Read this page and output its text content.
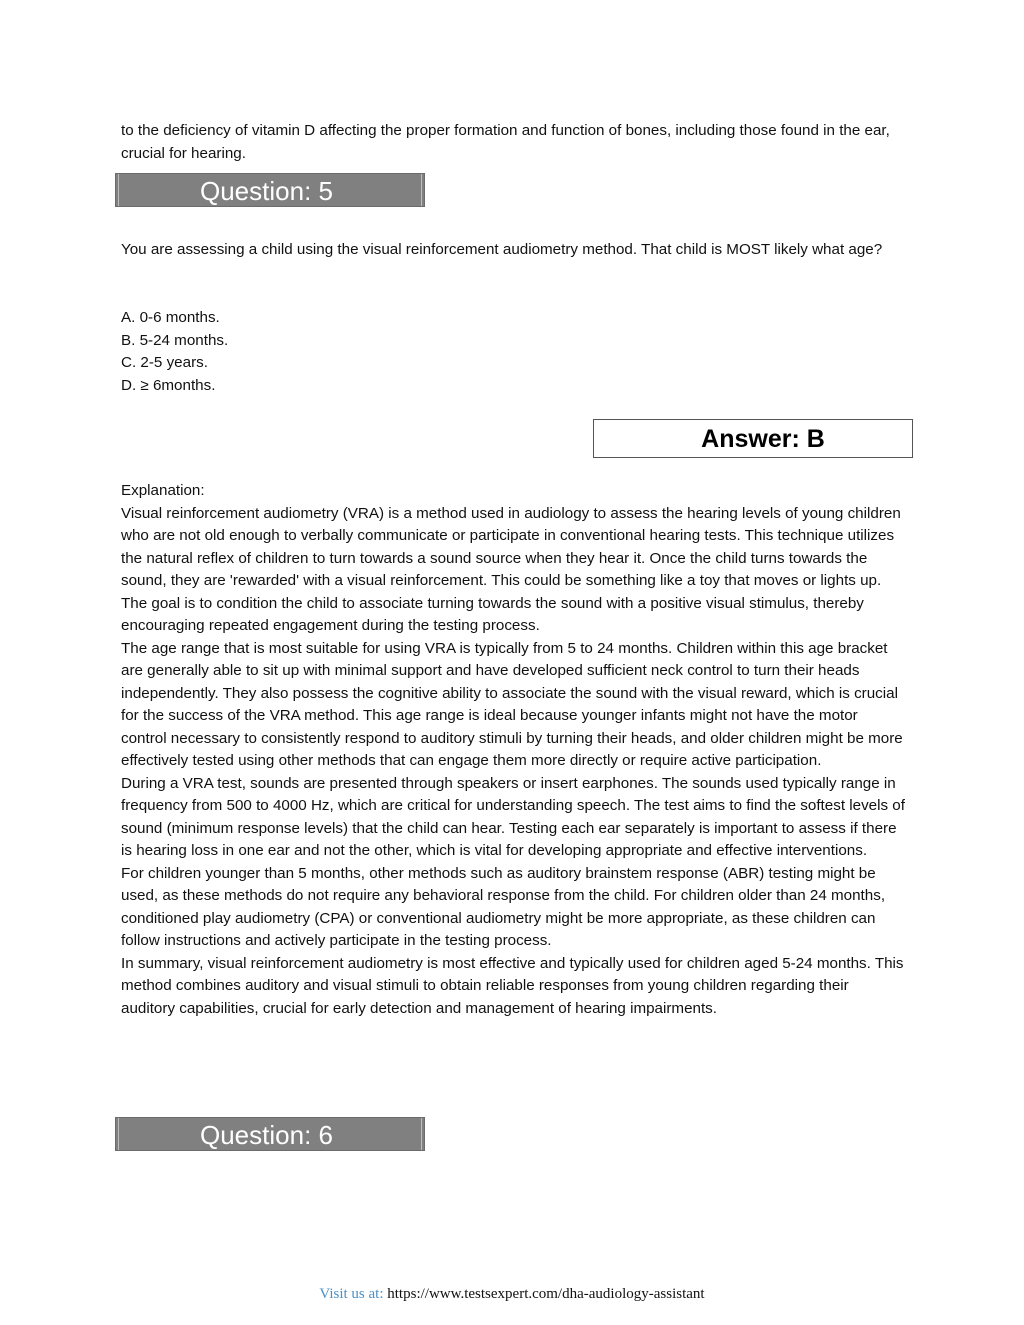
to the deficiency of vitamin D affecting the proper formation and function of bones, including those found in the ear, crucial for hearing.

Question: 5

You are assessing a child using the visual reinforcement audiometry method. That child is MOST likely what age?

A. 0-6 months.

B. 5-24 months.

C. 2-5 years.

D. ≥ 6months.

Answer: B

Explanation:

Visual reinforcement audiometry (VRA) is a method used in audiology to assess the hearing levels of young children who are not old enough to verbally communicate or participate in conventional hearing tests. This technique utilizes the natural reflex of children to turn towards a sound source when they hear it. Once the child turns towards the sound, they are 'rewarded' with a visual reinforcement. This could be something like a toy that moves or lights up. The goal is to condition the child to associate turning towards the sound with a positive visual stimulus, thereby encouraging repeated engagement during the testing process.

The age range that is most suitable for using VRA is typically from 5 to 24 months. Children within this age bracket are generally able to sit up with minimal support and have developed sufficient neck control to turn their heads independently. They also possess the cognitive ability to associate the sound with the visual reward, which is crucial for the success of the VRA method. This age range is ideal because younger infants might not have the motor control necessary to consistently respond to auditory stimuli by turning their heads, and older children might be more effectively tested using other methods that can engage them more directly or require active participation.

During a VRA test, sounds are presented through speakers or insert earphones. The sounds used typically range in frequency from 500 to 4000 Hz, which are critical for understanding speech. The test aims to find the softest levels of sound (minimum response levels) that the child can hear. Testing each ear separately is important to assess if there is hearing loss in one ear and not the other, which is vital for developing appropriate and effective interventions.

For children younger than 5 months, other methods such as auditory brainstem response (ABR) testing might be used, as these methods do not require any behavioral response from the child. For children older than 24 months, conditioned play audiometry (CPA) or conventional audiometry might be more appropriate, as these children can follow instructions and actively participate in the testing process.

In summary, visual reinforcement audiometry is most effective and typically used for children aged 5-24 months. This method combines auditory and visual stimuli to obtain reliable responses from young children regarding their auditory capabilities, crucial for early detection and management of hearing impairments.

Question: 6
Visit us at: https://www.testsexpert.com/dha-audiology-assistant
